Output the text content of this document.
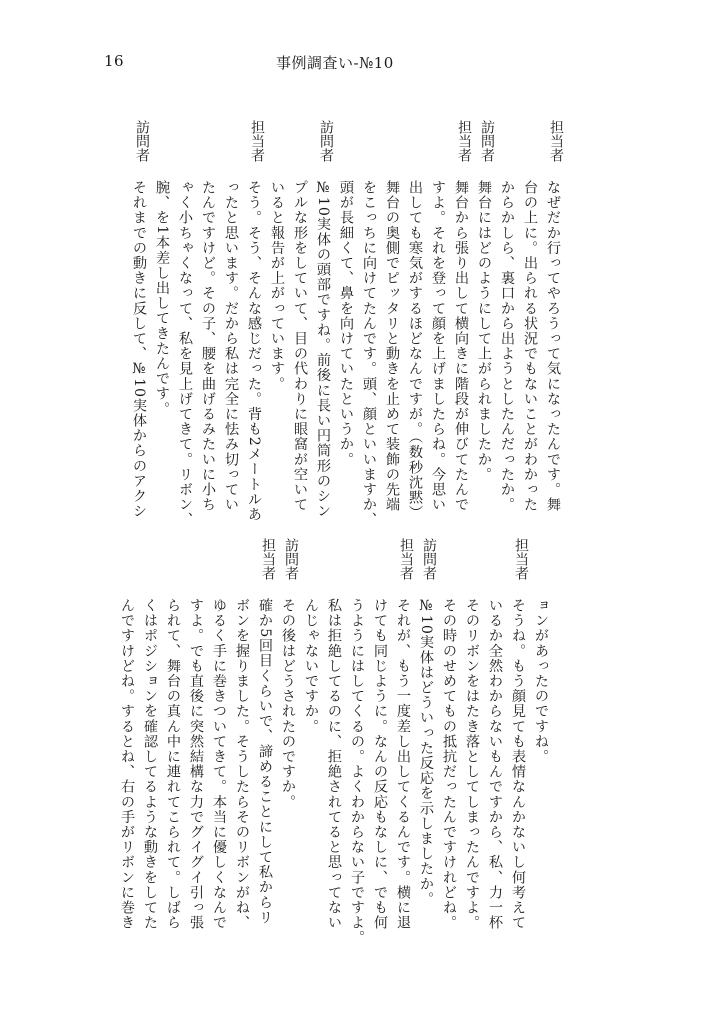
16	事例調査い-№10
担当者
なぜだか行ってやろうって気になったんです。舞
台の上に。出られる状況でもないことがわかった
からかしら、裏口から出ようとしたんだったか。
訪問者
舞台にはどのようにして上がられましたか。
担当者
舞台から張り出して横向きに階段が伸びてたんで
すよ。それを登って顔を上げましたらね。今思い
出しても寒気がするほどなんですが。（数秒沈黙）
舞台の奥側でピッタリと動きを止めて装飾の先端
をこっちに向けてたんです。頭、顔といいますか、
頭が長細くて、鼻を向けていたというか。
訪問者
№10実体の頭部ですね。前後に長い円筒形のシン
プルな形をしていて、目の代わりに眼窩が空いて
いると報告が上がっています。
担当者
そう。そう、そんな感じだった。背も2メートルあ
ったと思います。だから私は完全に怯み切ってい
たんですけど。その子、腰を曲げるみたいに小ち
ゃく小ちゃくなって、私を見上げてきて。リボン、
腕、を1本差し出してきたんです。
訪問者
それまでの動きに反して、№10実体からのアクシ
ョンがあったのですね。
担当者
そうね。もう顔見ても表情なんかないし何考えて
いるか全然わからないもんですから、私、力一杯
そのリボンをはたき落としてしまったんですよ。
その時のせめてもの抵抗だったんですけれどね。
訪問者
№10実体はどういった反応を示しましたか。
担当者
それが、もう一度差し出してくるんです。横に退
けても同じように。なんの反応もなしに、でも何
うようにはしてくるの。よくわからない子ですよ。
私は拒絶してるのに、拒絶されてると思ってない
んじゃないですか。
訪問者
その後はどうされたのですか。
担当者
確か5回目くらいで、諦めることにして私からリ
ボンを握りました。そうしたらそのリボンがね、
ゆるく手に巻きついてきて。本当に優しくなんで
すよ。でも直後に突然結構な力でグイグイ引っ張
られて、舞台の真ん中に連れてこられて。しばら
くはポジションを確認してるような動きをしてた
んですけどね。するとね、右の手がリボンに巻き
